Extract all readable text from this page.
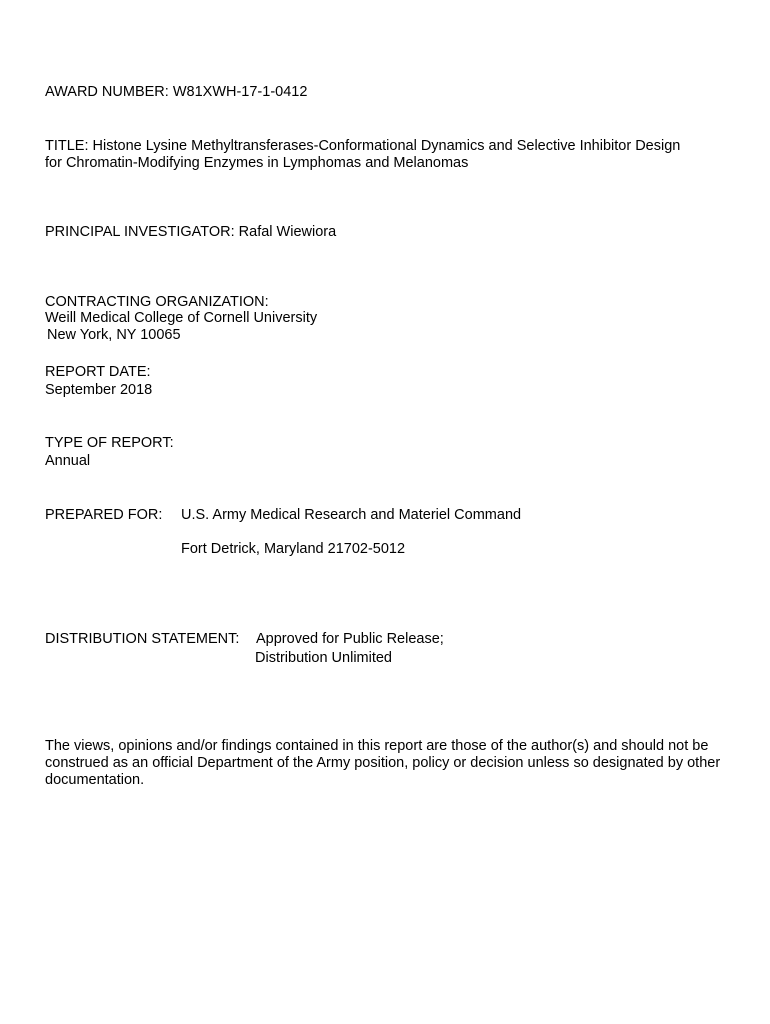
AWARD NUMBER: W81XWH-17-1-0412
TITLE: Histone Lysine Methyltransferases-Conformational Dynamics and Selective Inhibitor Design
for Chromatin-Modifying Enzymes in Lymphomas and Melanomas
PRINCIPAL INVESTIGATOR: Rafal Wiewiora
CONTRACTING ORGANIZATION:
Weill Medical College of Cornell University
New York, NY 10065
REPORT DATE:
September 2018
TYPE OF REPORT:
Annual
PREPARED FOR: U.S. Army Medical Research and Materiel Command
Fort Detrick, Maryland 21702-5012
DISTRIBUTION STATEMENT: Approved for Public Release;
Distribution Unlimited
The views, opinions and/or findings contained in this report are those of the author(s) and should not be construed as an official Department of the Army position, policy or decision unless so designated by other documentation.
